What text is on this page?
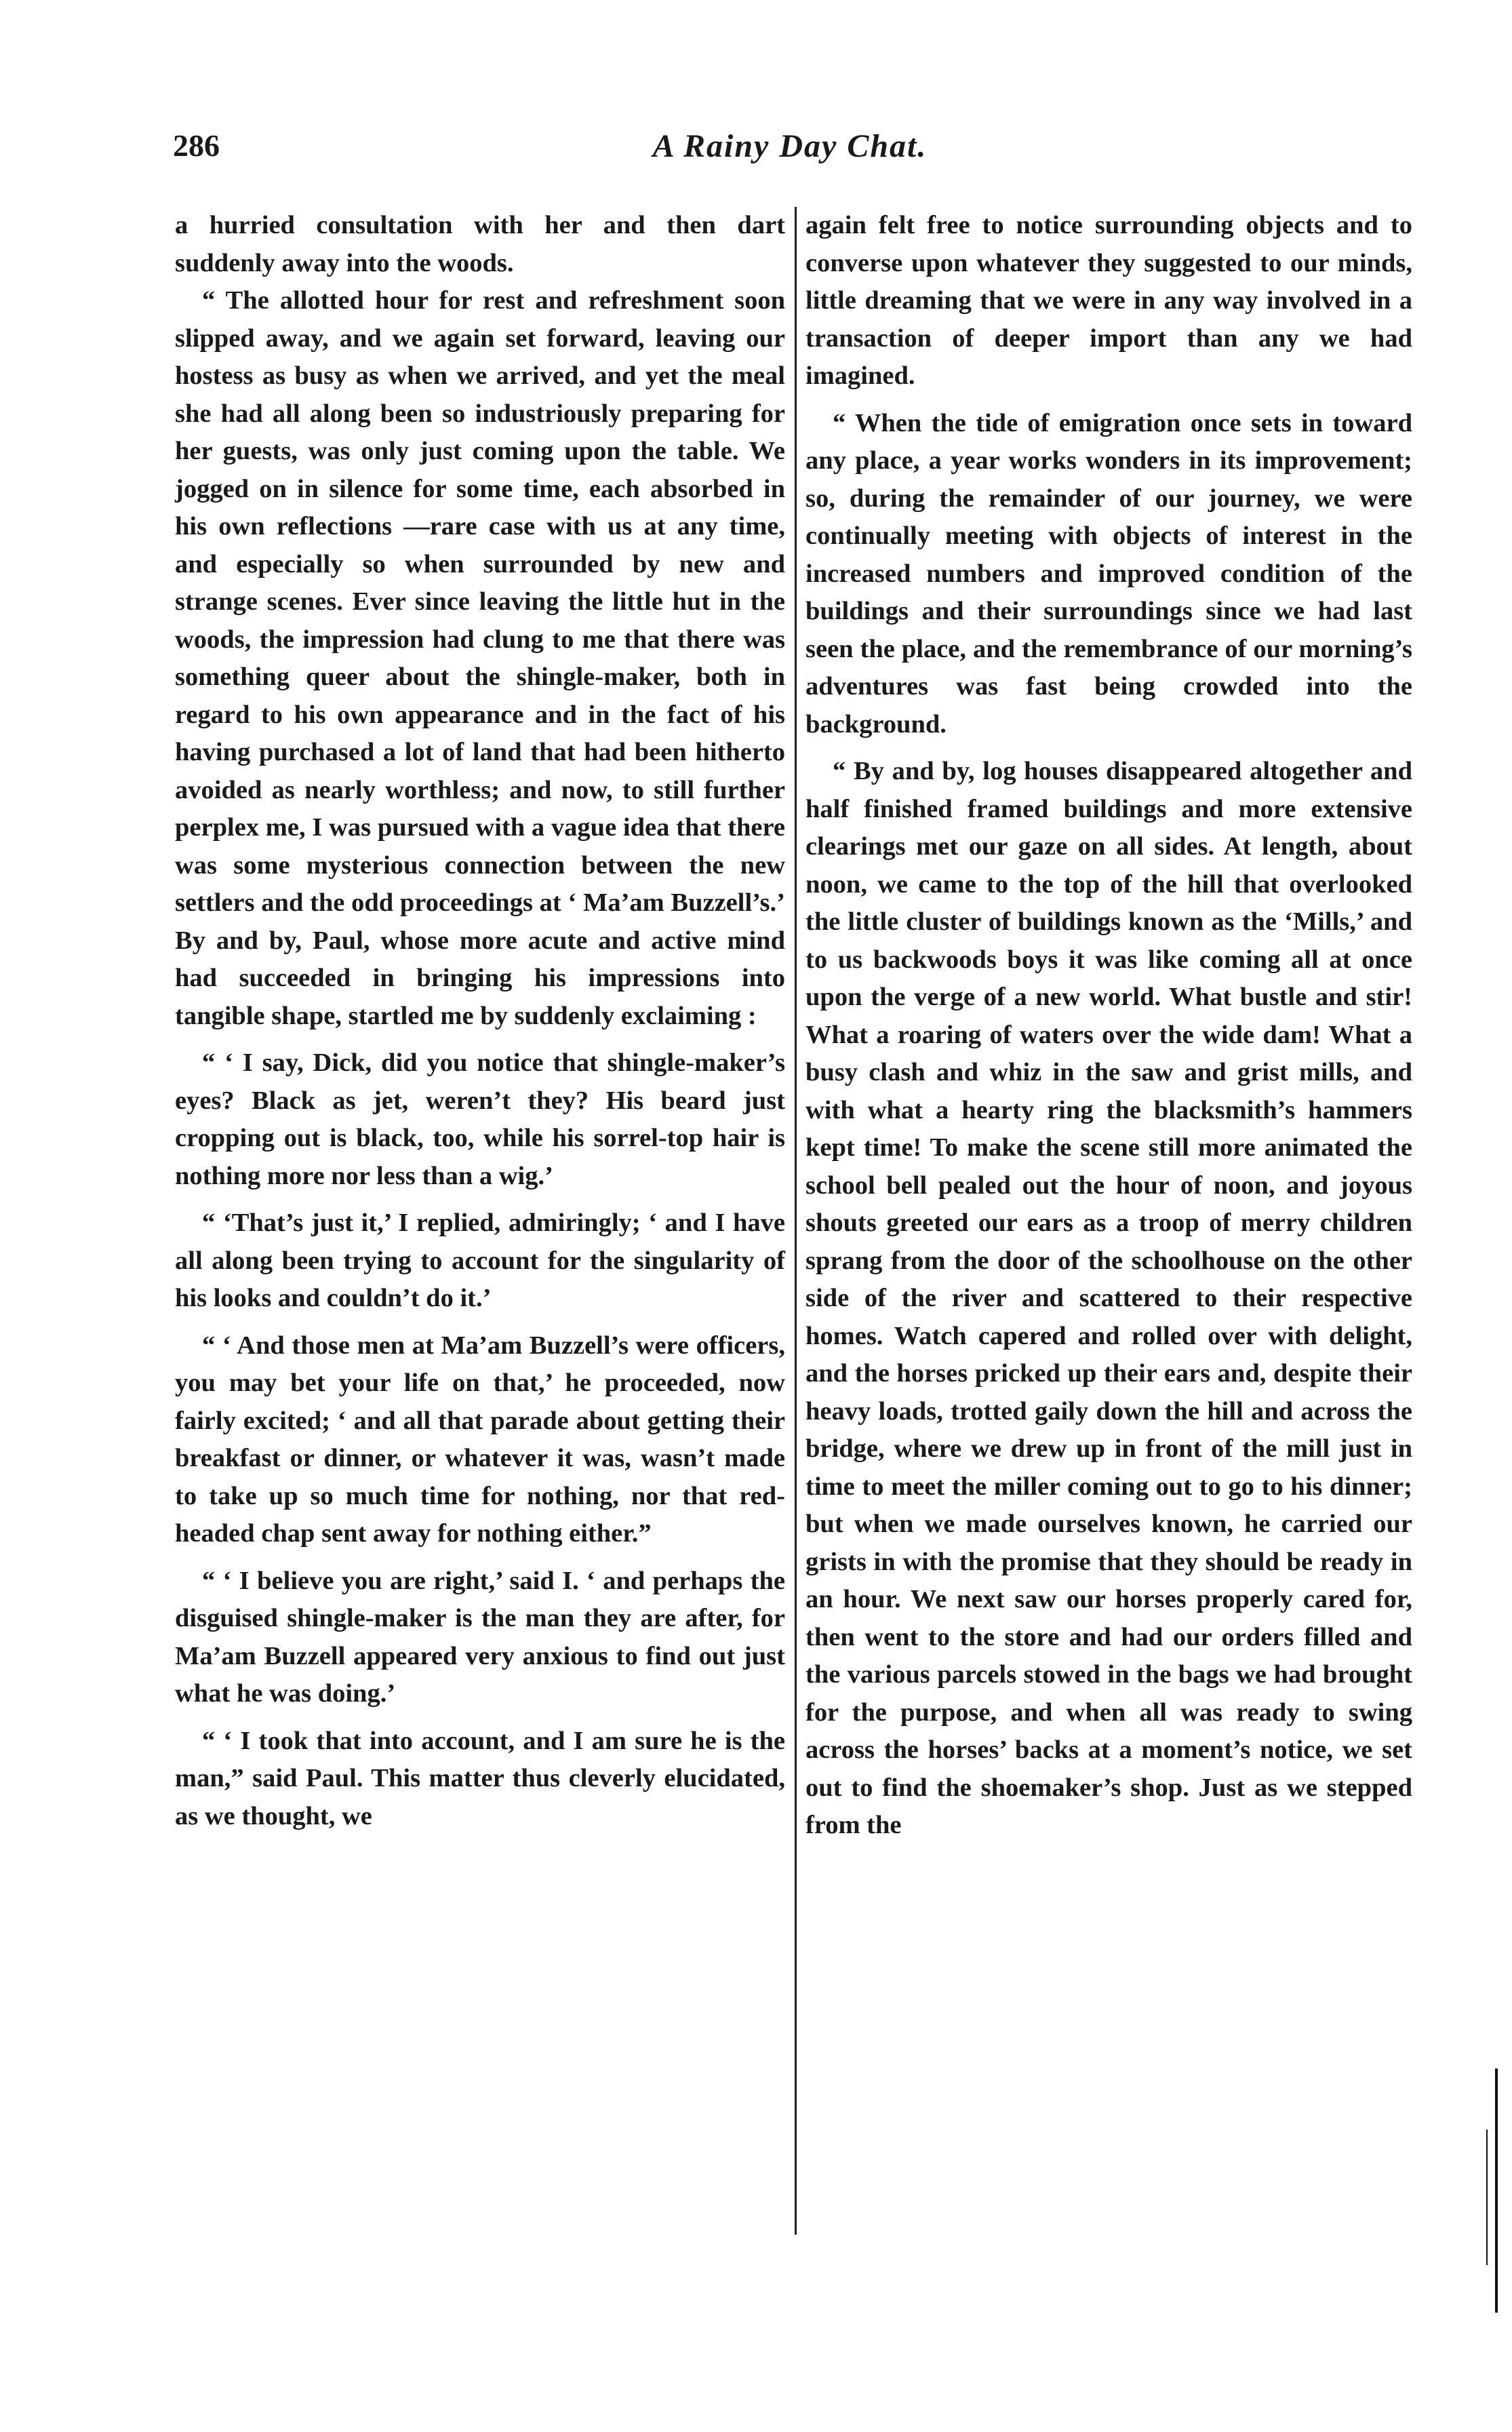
286	A Rainy Day Chat.

a hurried consultation with her and then dart suddenly away into the woods.

“ The allotted hour for rest and refreshment soon slipped away, and we again set forward, leaving our hostess as busy as when we arrived, and yet the meal she had all along been so industriously preparing for her guests, was only just coming upon the table. We jogged on in silence for some time, each absorbed in his own reflections —rare case with us at any time, and especially so when surrounded by new and strange scenes. Ever since leaving the little hut in the woods, the impression had clung to me that there was something queer about the shingle-maker, both in regard to his own appearance and in the fact of his having purchased a lot of land that had been hitherto avoided as nearly worthless; and now, to still further perplex me, I was pursued with a vague idea that there was some mysterious connection between the new settlers and the odd proceedings at ‘ Ma’am Buzzell’s.’ By and by, Paul, whose more acute and active mind had succeeded in bringing his impressions into tangible shape, startled me by suddenly exclaiming :

“ ‘ I say, Dick, did you notice that shingle-maker’s eyes? Black as jet, weren’t they? His beard just cropping out is black, too, while his sorrel-top hair is nothing more nor less than a wig.’

“ ‘That’s just it,’ I replied, admiringly; ‘ and I have all along been trying to account for the singularity of his looks and couldn’t do it.’

“ ‘ And those men at Ma’am Buzzell’s were officers, you may bet your life on that,’ he proceeded, now fairly excited; ‘ and all that parade about getting their breakfast or dinner, or whatever it was, wasn’t made to take up so much time for nothing, nor that red-headed chap sent away for nothing either.”

“ ‘ I believe you are right,’ said I. ‘ and perhaps the disguised shingle-maker is the man they are after, for Ma’am Buzzell appeared very anxious to find out just what he was doing.’

“ ‘ I took that into account, and I am sure he is the man,” said Paul. This matter thus cleverly elucidated, as we thought, we

again felt free to notice surrounding objects and to converse upon whatever they suggested to our minds, little dreaming that we were in any way involved in a transaction of deeper import than any we had imagined.

“ When the tide of emigration once sets in toward any place, a year works wonders in its improvement; so, during the remainder of our journey, we were continually meeting with objects of interest in the increased numbers and improved condition of the buildings and their surroundings since we had last seen the place, and the remembrance of our morning’s adventures was fast being crowded into the background.

“ By and by, log houses disappeared altogether and half finished framed buildings and more extensive clearings met our gaze on all sides. At length, about noon, we came to the top of the hill that overlooked the little cluster of buildings known as the ‘Mills,’ and to us backwoods boys it was like coming all at once upon the verge of a new world. What bustle and stir! What a roaring of waters over the wide dam! What a busy clash and whiz in the saw and grist mills, and with what a hearty ring the blacksmith’s hammers kept time! To make the scene still more animated the school bell pealed out the hour of noon, and joyous shouts greeted our ears as a troop of merry children sprang from the door of the schoolhouse on the other side of the river and scattered to their respective homes. Watch capered and rolled over with delight, and the horses pricked up their ears and, despite their heavy loads, trotted gaily down the hill and across the bridge, where we drew up in front of the mill just in time to meet the miller coming out to go to his dinner; but when we made ourselves known, he carried our grists in with the promise that they should be ready in an hour. We next saw our horses properly cared for, then went to the store and had our orders filled and the various parcels stowed in the bags we had brought for the purpose, and when all was ready to swing across the horses’ backs at a moment’s notice, we set out to find the shoemaker’s shop. Just as we stepped from the
